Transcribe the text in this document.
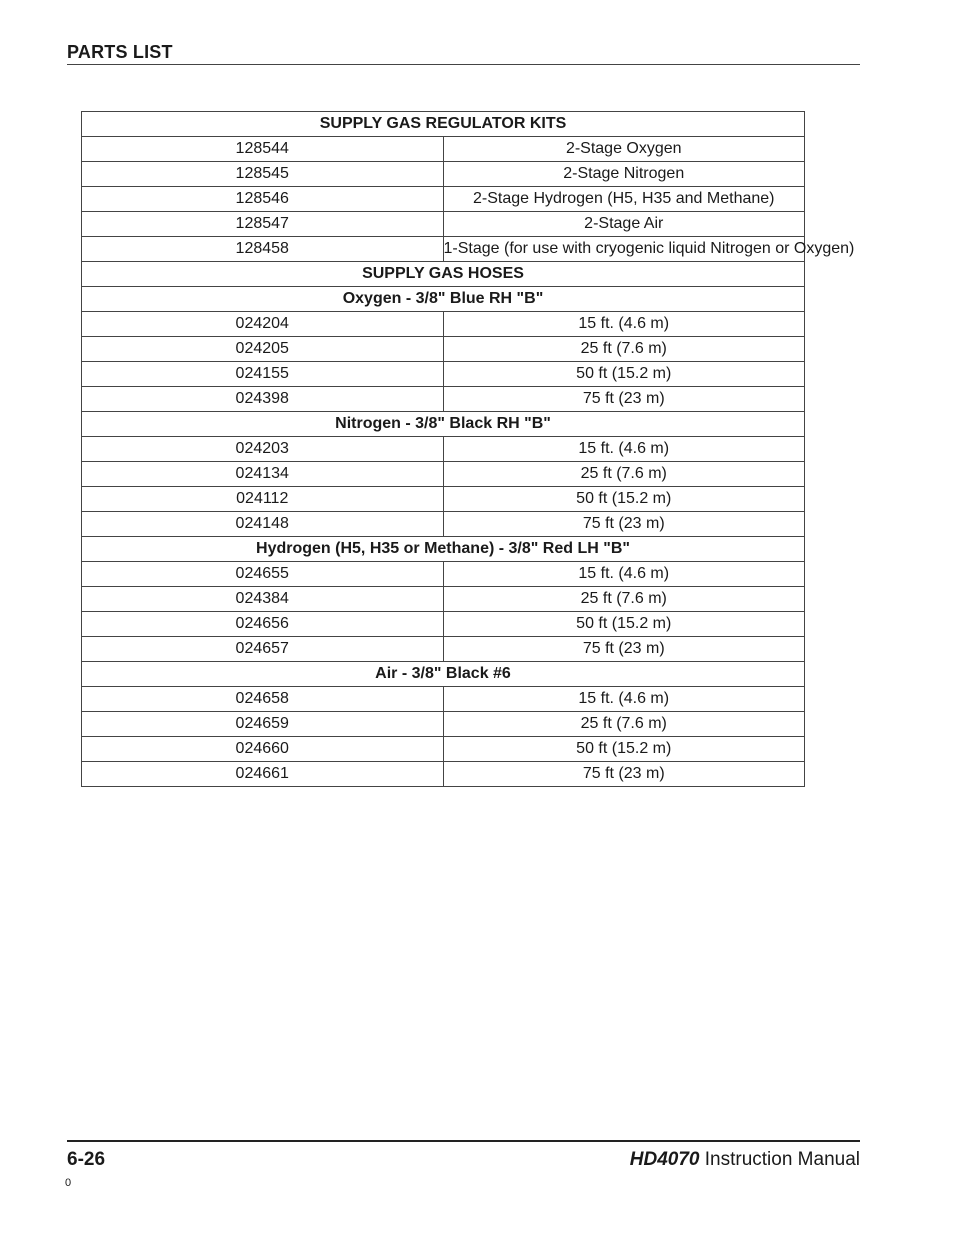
PARTS LIST
SUPPLY GAS REGULATOR KITS	
128544	2-Stage Oxygen
128545	2-Stage Nitrogen
128546	2-Stage Hydrogen (H5, H35 and Methane)
128547	2-Stage Air
128458	1-Stage (for use with cryogenic liquid Nitrogen or Oxygen)
SUPPLY GAS HOSES	
Oxygen - 3/8" Blue RH "B"	
024204	15 ft. (4.6 m)
024205	25 ft (7.6 m)
024155	50 ft (15.2 m)
024398	75 ft (23 m)
Nitrogen - 3/8" Black RH "B"	
024203	15 ft. (4.6 m)
024134	25 ft (7.6 m)
024112	50 ft (15.2 m)
024148	75 ft (23 m)
Hydrogen (H5, H35 or Methane) - 3/8" Red LH "B"	
024655	15 ft. (4.6 m)
024384	25 ft (7.6 m)
024656	50 ft (15.2 m)
024657	75 ft (23 m)
Air - 3/8" Black #6	
024658	15 ft. (4.6 m)
024659	25 ft (7.6 m)
024660	50 ft (15.2 m)
024661	75 ft (23 m)
6-26
0
HD4070 Instruction Manual
